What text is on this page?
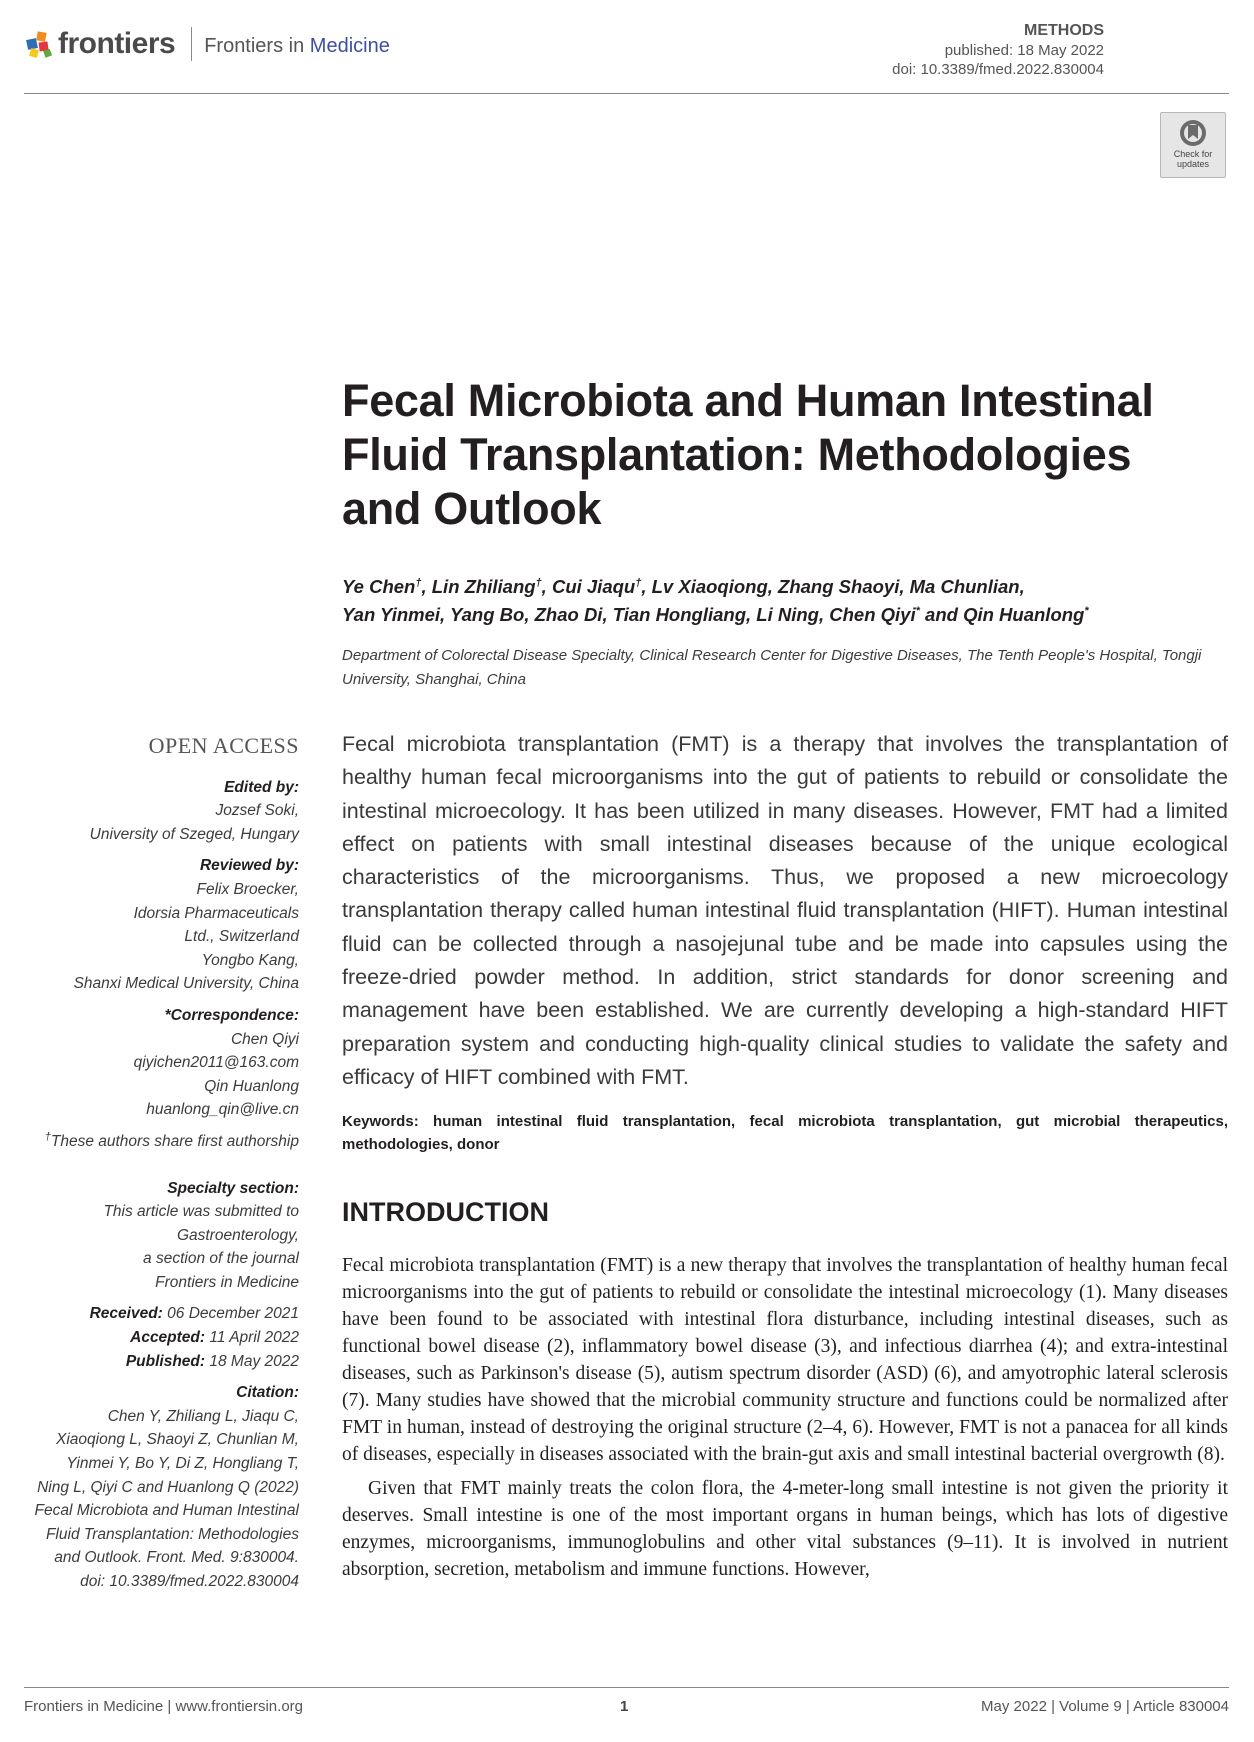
frontiers Frontiers in Medicine
METHODS
published: 18 May 2022
doi: 10.3389/fmed.2022.830004
Check for
updates
Fecal Microbiota and Human Intestinal Fluid Transplantation: Methodologies and Outlook
Ye Chen†, Lin Zhiliang†, Cui Jiaqu†, Lv Xiaoqiong, Zhang Shaoyi, Ma Chunlian,
Yan Yinmei, Yang Bo, Zhao Di, Tian Hongliang, Li Ning, Chen Qiyi* and Qin Huanlong*
Department of Colorectal Disease Specialty, Clinical Research Center for Digestive Diseases, The Tenth People's Hospital, Tongji University, Shanghai, China
OPEN ACCESS
Edited by:
Jozsef Soki,
University of Szeged, Hungary
Reviewed by:
Felix Broecker,
Idorsia Pharmaceuticals
Ltd., Switzerland
Yongbo Kang,
Shanxi Medical University, China
*Correspondence:
Chen Qiyi
qiyichen2011@163.com
Qin Huanlong
huanlong_qin@live.cn
†These authors share first authorship
Specialty section:
This article was submitted to
Gastroenterology,
a section of the journal
Frontiers in Medicine
Received: 06 December 2021
Accepted: 11 April 2022
Published: 18 May 2022
Citation:
Chen Y, Zhiliang L, Jiaqu C,
Xiaoqiong L, Shaoyi Z, Chunlian M,
Yinmei Y, Bo Y, Di Z, Hongliang T,
Ning L, Qiyi C and Huanlong Q (2022)
Fecal Microbiota and Human Intestinal
Fluid Transplantation: Methodologies
and Outlook. Front. Med. 9:830004.
doi: 10.3389/fmed.2022.830004
Fecal microbiota transplantation (FMT) is a therapy that involves the transplantation of healthy human fecal microorganisms into the gut of patients to rebuild or consolidate the intestinal microecology. It has been utilized in many diseases. However, FMT had a limited effect on patients with small intestinal diseases because of the unique ecological characteristics of the microorganisms. Thus, we proposed a new microecology transplantation therapy called human intestinal fluid transplantation (HIFT). Human intestinal fluid can be collected through a nasojejunal tube and be made into capsules using the freeze-dried powder method. In addition, strict standards for donor screening and management have been established. We are currently developing a high-standard HIFT preparation system and conducting high-quality clinical studies to validate the safety and efficacy of HIFT combined with FMT.
Keywords: human intestinal fluid transplantation, fecal microbiota transplantation, gut microbial therapeutics, methodologies, donor
INTRODUCTION

Fecal microbiota transplantation (FMT) is a new therapy that involves the transplantation of healthy human fecal microorganisms into the gut of patients to rebuild or consolidate the intestinal microecology (1). Many diseases have been found to be associated with intestinal flora disturbance, including intestinal diseases, such as functional bowel disease (2), inflammatory bowel disease (3), and infectious diarrhea (4); and extra-intestinal diseases, such as Parkinson's disease (5), autism spectrum disorder (ASD) (6), and amyotrophic lateral sclerosis (7). Many studies have showed that the microbial community structure and functions could be normalized after FMT in human, instead of destroying the original structure (2–4, 6). However, FMT is not a panacea for all kinds of diseases, especially in diseases associated with the brain-gut axis and small intestinal bacterial overgrowth (8).

Given that FMT mainly treats the colon flora, the 4-meter-long small intestine is not given the priority it deserves. Small intestine is one of the most important organs in human beings, which has lots of digestive enzymes, microorganisms, immunoglobulins and other vital substances (9–11). It is involved in nutrient absorption, secretion, metabolism and immune functions. However,

Frontiers in Medicine | www.frontiersin.org	1	May 2022 | Volume 9 | Article 830004
